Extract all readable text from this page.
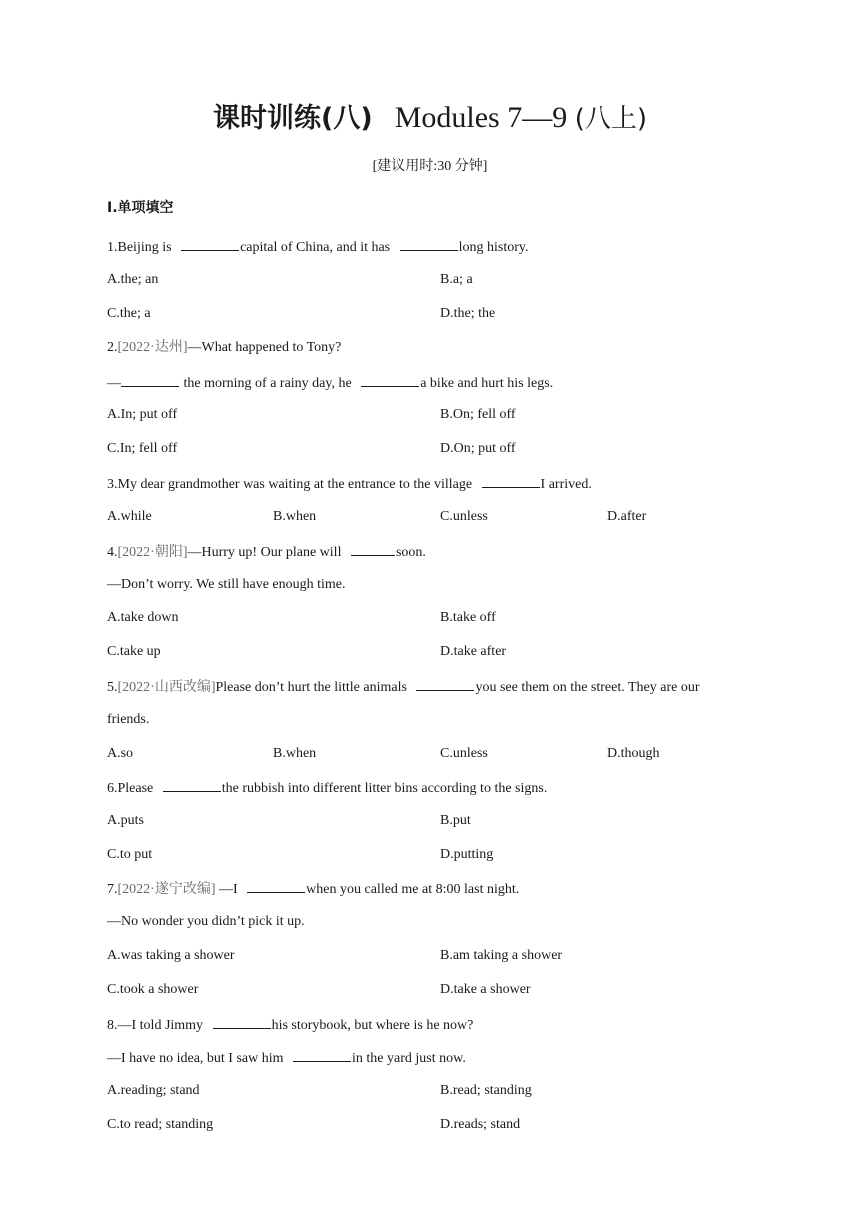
课时训练(八) Modules 7—9 (八上)
[建议用时:30 分钟]
Ⅰ.单项填空
1.Beijing is	capital of China, and it has	long history.
A.the; an	B.a; a
C.the; a	D.the; the
2.[2022·达州]—What happened to Tony?
—	the morning of a rainy day, he	a bike and hurt his legs.
A.In; put off	B.On; fell off
C.In; fell off	D.On; put off
3.My dear grandmother was waiting at the entrance to the village	I arrived.
A.while	B.when	C.unless	D.after
4.[2022·朝阳]—Hurry up! Our plane will	soon.
—Don’t worry. We still have enough time.
A.take down	B.take off
C.take up	D.take after
5.[2022·山西改编]Please don’t hurt the little animals	you see them on the street. They are our
friends.
A.so	B.when	C.unless	D.though
6.Please	the rubbish into different litter bins according to the signs.
A.puts	B.put
C.to put	D.putting
7.[2022·遂宁改编] —I	when you called me at 8:00 last night.
—No wonder you didn’t pick it up.
A.was taking a shower	B.am taking a shower
C.took a shower	D.take a shower
8.—I told Jimmy	his storybook, but where is he now?
—I have no idea, but I saw him	in the yard just now.
A.reading; stand	B.read; standing
C.to read; standing	D.reads; stand
